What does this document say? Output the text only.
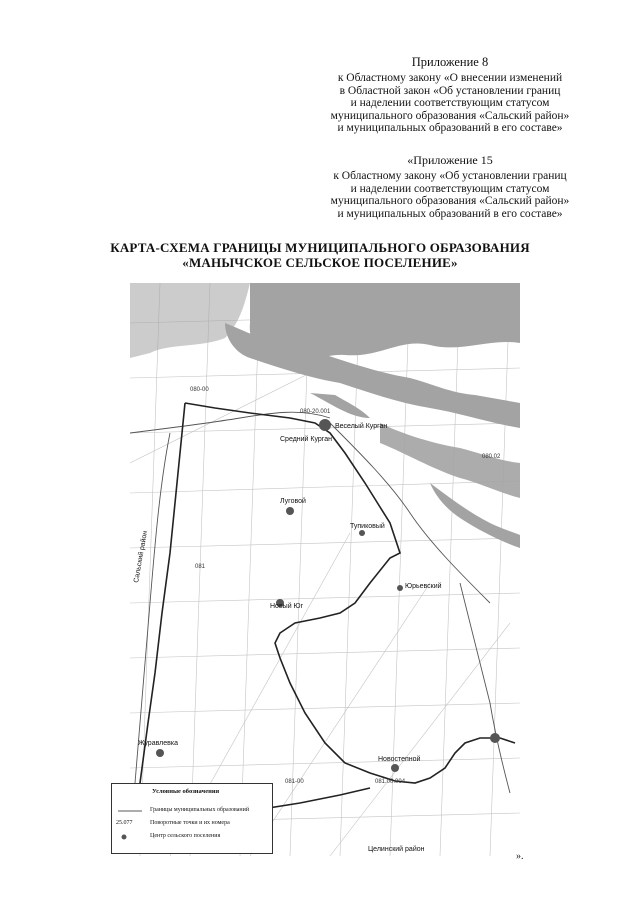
Приложение 8

к Областному закону «О внесении изменений

в Областной закон «Об установлении границ

и наделении соответствующим статусом

муниципального образования «Сальский район»

и муниципальных образований в его составе»

«Приложение 15

к Областному закону «Об установлении границ

и наделении соответствующим статусом

муниципального образования «Сальский район»

и муниципальных образований в его составе»

КАРТА-СХЕМА ГРАНИЦЫ МУНИЦИПАЛЬНОГО ОБРАЗОВАНИЯ

«МАНЫЧСКОЕ СЕЛЬСКОЕ ПОСЕЛЕНИЕ»

Веселый Курган
Средний Курган
Луговой
Тупиковый
Новый Юг
Юрьевский
Новостепной
Журавлевка
Целинский район
Сальский район
080-00
080-20.001
081
081-00	081.00.004
080.02
Условные обозначения
Границы муниципальных образований
25.077	Поворотные точки и их номера
Центр сельского поселения
».
